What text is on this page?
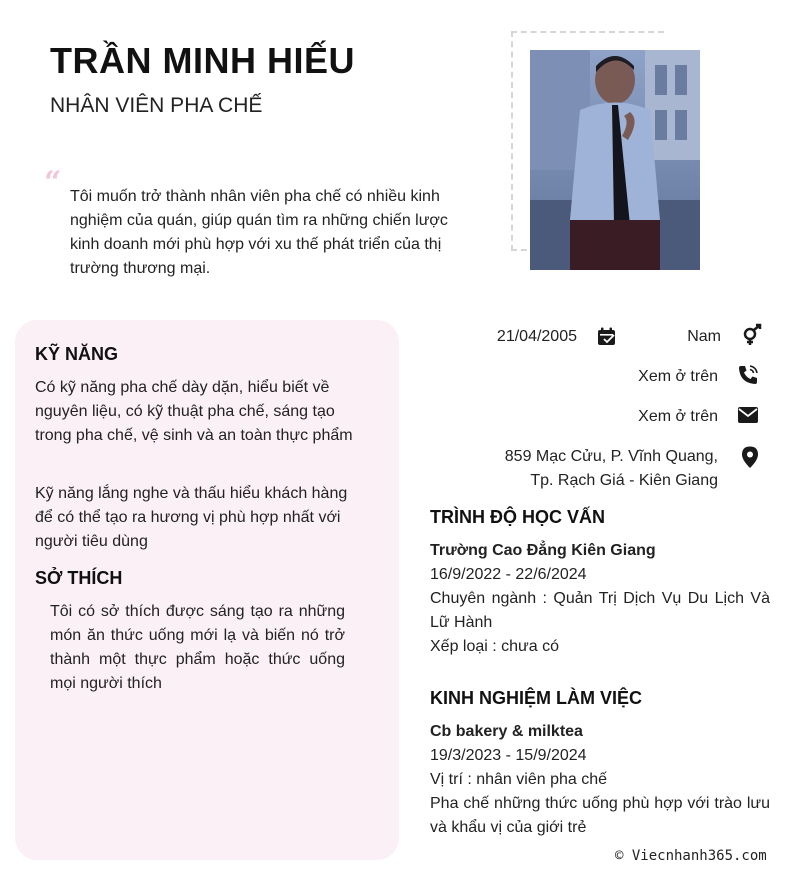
TRẦN MINH HIẾU
NHÂN VIÊN PHA CHẾ
“ Tôi muốn trở thành nhân viên pha chế có nhiều kinh nghiệm của quán, giúp quán tìm ra những chiến lược kinh doanh mới phù hợp với xu thế phát triển của thị trường thương mại.
KỸ NĂNG
Có kỹ năng pha chế dày dặn, hiểu biết về nguyên liệu, có kỹ thuật pha chế, sáng tạo trong pha chế, vệ sinh và an toàn thực phẩm
Kỹ năng lắng nghe và thấu hiểu khách hàng để có thể tạo ra hương vị phù hợp nhất với người tiêu dùng
SỞ THÍCH
Tôi có sở thích được sáng tạo ra những món ăn thức uống mới lạ và biến nó trở thành một thực phẩm hoặc thức uống mọi người thích
21/04/2005	Nam
Xem ở trên
Xem ở trên
859 Mạc Cửu, P. Vĩnh Quang,
Tp. Rạch Giá - Kiên Giang
TRÌNH ĐỘ HỌC VẤN
Trường Cao Đẳng Kiên Giang
16/9/2022 - 22/6/2024
Chuyên ngành : Quản Trị Dịch Vụ Du Lịch Và Lữ Hành
Xếp loại : chưa có
KINH NGHIỆM LÀM VIỆC
Cb bakery & milktea
19/3/2023 - 15/9/2024
Vị trí : nhân viên pha chế
Pha chế những thức uống phù hợp với trào lưu và khẩu vị của giới trẻ
© Viecnhanh365.com
